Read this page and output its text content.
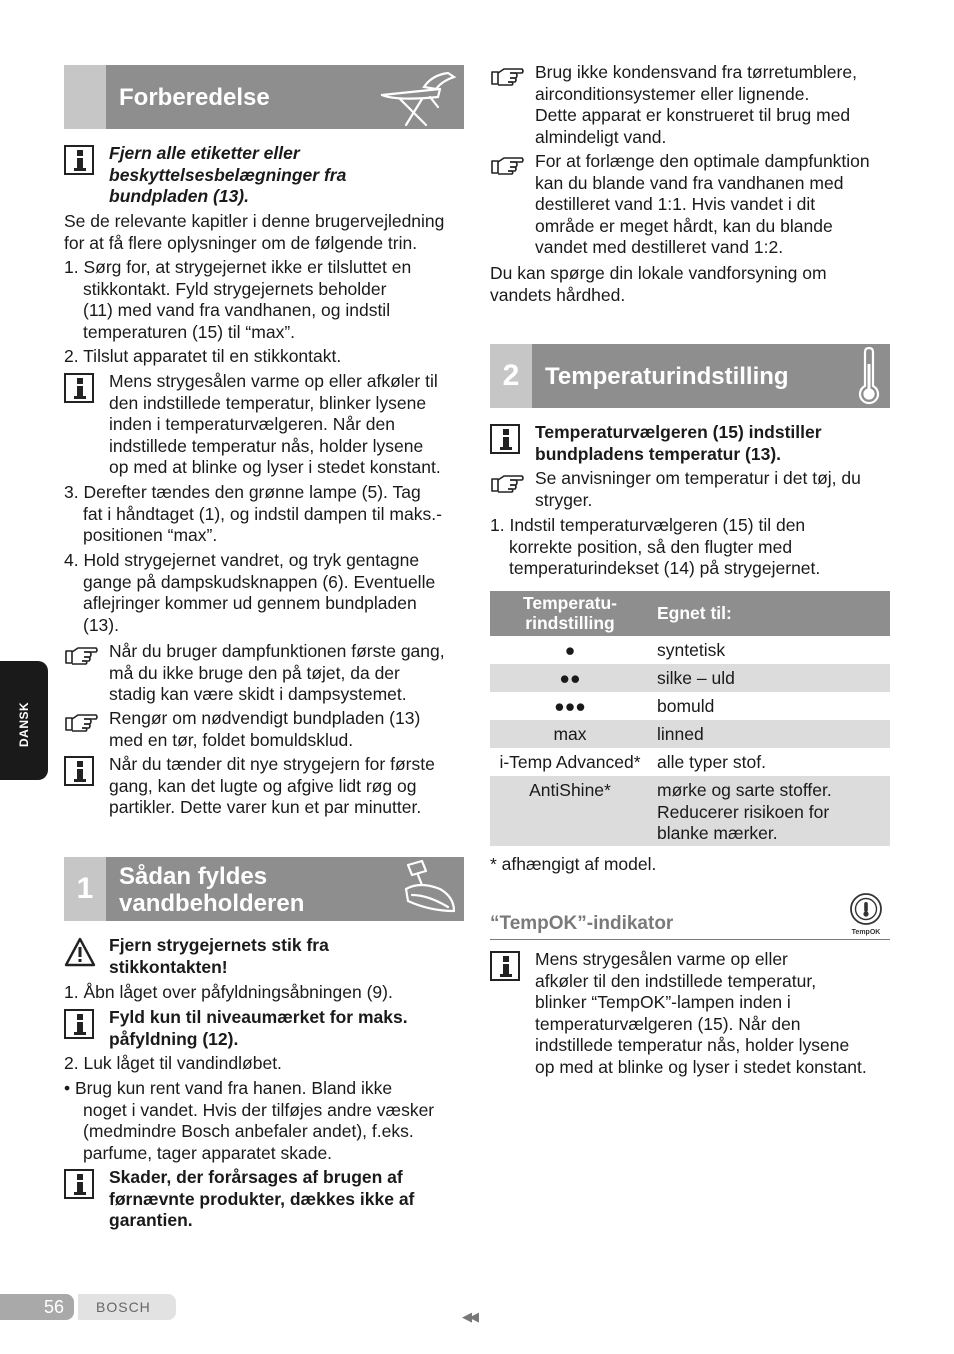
DANSK
Forberedelse
Fjern alle etiketter eller
beskyttelsesbelægninger fra
bundpladen (13).
Se de relevante kapitler i denne brugervejledning
for at få flere oplysninger om de følgende trin.
1. Sørg for, at strygejernet ikke er tilsluttet en
stikkontakt. Fyld strygejernets beholder
(11) med vand fra vandhanen, og indstil
temperaturen (15) til “max”.
2. Tilslut apparatet til en stikkontakt.
Mens strygesålen varme op eller afkøler til
den indstillede temperatur, blinker lysene
inden i temperaturvælgeren. Når den
indstillede temperatur nås, holder lysene
op med at blinke og lyser i stedet konstant.
3. Derefter tændes den grønne lampe (5). Tag
fat i håndtaget (1), og indstil dampen til maks.-
positionen “max”.
4. Hold strygejernet vandret, og tryk gentagne
gange på dampskudsknappen (6). Eventuelle
aflejringer kommer ud gennem bundpladen
(13).
Når du bruger dampfunktionen første gang,
må du ikke bruge den på tøjet, da der
stadig kan være skidt i dampsystemet.
Rengør om nødvendigt bundpladen (13)
med en tør, foldet bomuldsklud.
Når du tænder dit nye strygejern for første
gang, kan det lugte og afgive lidt røg og
partikler. Dette varer kun et par minutter.
1	Sådan fyldes
vandbeholderen
Fjern strygejernets stik fra
stikkontakten!
1. Åbn låget over påfyldningsåbningen (9).
Fyld kun til niveaumærket for maks.
påfyldning (12).
2. Luk låget til vandindløbet.
• Brug kun rent vand fra hanen. Bland ikke
noget i vandet. Hvis der tilføjes andre væsker
(medmindre Bosch anbefaler andet), f.eks.
parfume, tager apparatet skade.
Skader, der forårsages af brugen af
førnævnte produkter, dækkes ikke af
garantien.
Brug ikke kondensvand fra tørretumblere,
airconditionsystemer eller lignende.
Dette apparat er konstrueret til brug med
almindeligt vand.
For at forlænge den optimale dampfunktion
kan du blande vand fra vandhanen med
destilleret vand 1:1. Hvis vandet i dit
område er meget hårdt, kan du blande
vandet med destilleret vand 1:2.
Du kan spørge din lokale vandforsyning om
vandets hårdhed.
2	Temperaturindstilling
Temperaturvælgeren (15) indstiller
bundpladens temperatur (13).
Se anvisninger om temperatur i det tøj, du
stryger.
1. Indstil temperaturvælgeren (15) til den
korrekte position, så den flugter med
temperaturindekset (14) på strygejernet.
Temperatu-
rindstilling	Egnet til:
●	syntetisk
●●	silke – uld
●●●	bomuld
max	linned
i-Temp Advanced* alle typer stof.
AntiShine*	mørke og sarte stoffer.
Reducerer risikoen for
blanke mærker.
* afhængigt af model.
“TempOK”-indikator	TempOK
Mens strygesålen varme op eller
afkøler til den indstillede temperatur,
blinker “TempOK”-lampen inden i
temperaturvælgeren (15). Når den
indstillede temperatur nås, holder lysene
op med at blinke og lyser i stedet konstant.
56 BOSCH
◀◀
